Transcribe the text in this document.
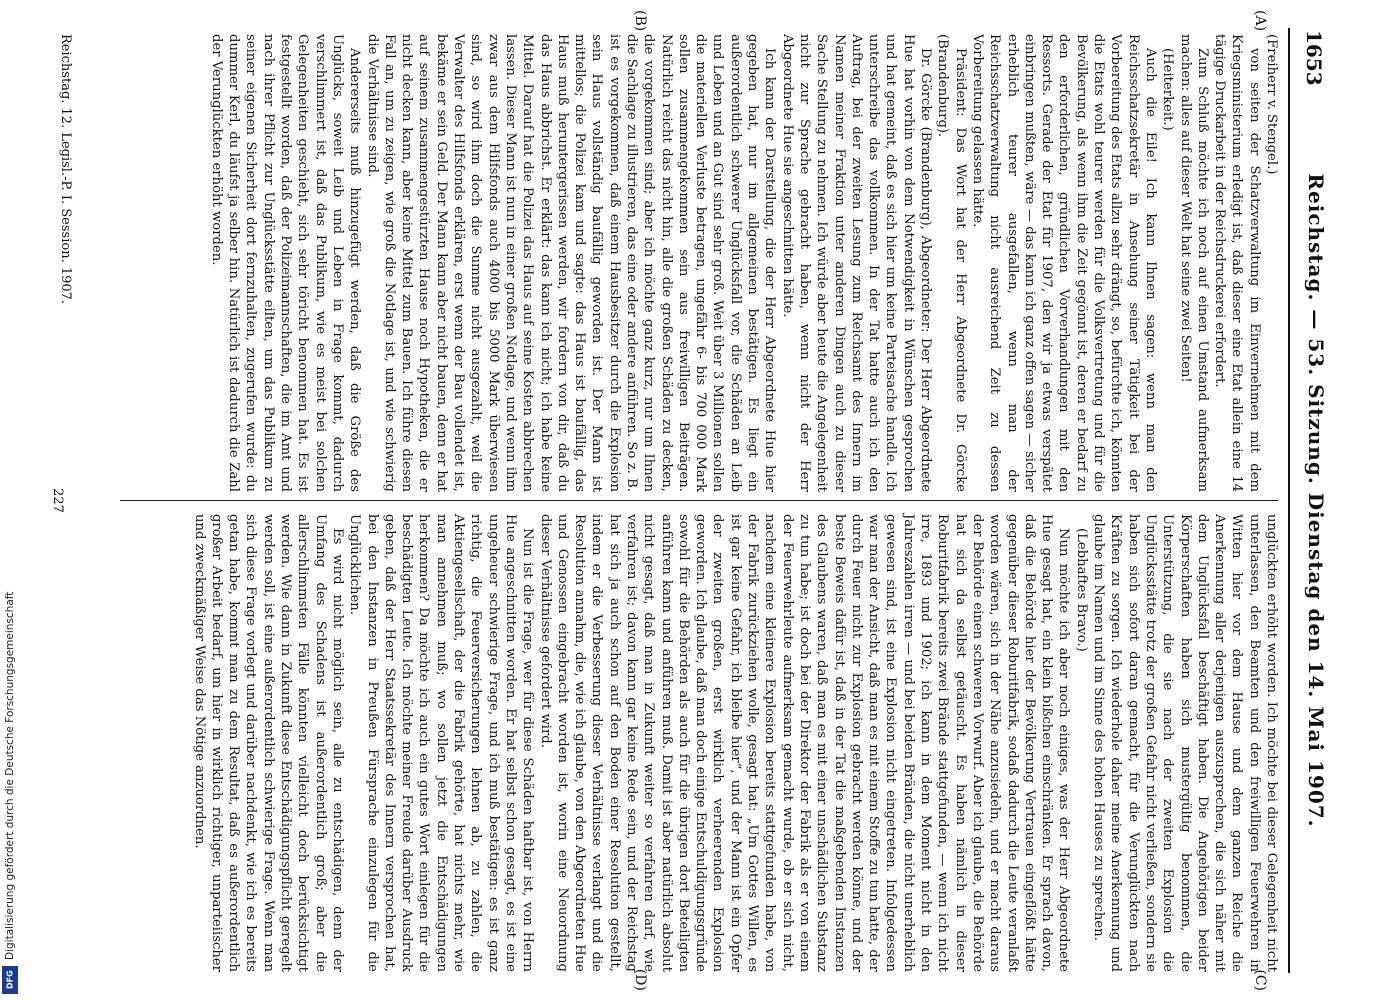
Digitalisierung gefördert durch die Deutsche Forschungsgemeinschaft
DFG
1653
Reichstag. — 53. Sitzung. Dienstag den 14. Mai 1907.
(A)
(B)
(C)
(D)

(Freiherr v. Stengel.)

von seiten der Schatzverwaltung im Einvernehmen mit dem Kriegsministerium erledigt ist, daß dieser eine Etat allein eine 14 tägige Druckarbeit in der Reichsdruckerei erfordert.

Zum Schluß möchte ich noch auf einen Umstand aufmerksam machen: alles auf dieser Welt hat seine zwei Seiten!

(Heiterkeit.)

Auch die Eile! Ich kann Ihnen sagen: wenn man den Reichsschatzsekretär in Ansehung seiner Tätigkeit bei der Vorbereitung des Etats allzu sehr drängt, so, befürchte ich, könnten die Etats wohl teurer werden für die Volksvertretung und für die Bevölkerung, als wenn ihm die Zeit gegönnt ist, deren er bedarf zu den erforderlichen, gründlichen Vorverhandlungen mit den Ressorts. Gerade der Etat für 1907, den wir ja etwas verspätet einbringen mußten, wäre — das kann ich ganz offen sagen — sicher erheblich teurer ausgefallen, wenn man der Reichsschatzverwaltung nicht ausreichend Zeit zu dessen Vorbereitung gelassen hätte.

Präsident: Das Wort hat der Herr Abgeordnete Dr. Görcke (Brandenburg).

Dr. Görcke (Brandenburg), Abgeordneter: Der Herr Abgeordnete Hue hat vorhin von dem Notwendigkeit in Wünschen gesprochen und hat gemeint, daß es sich hier um keine Parteisache handle. Ich unterschreibe das vollkommen. In der Tat hatte auch ich den Auftrag, bei der zweiten Lesung zum Reichsamt des Innern im Namen meiner Fraktion unter anderen Dingen auch zu dieser Sache Stellung zu nehmen. Ich würde aber heute die Angelegenheit nicht zur Sprache gebracht haben, wenn nicht der Herr Abgeordnete Hue sie angeschnitten hätte.

Ich kann der Darstellung, die der Herr Abgeordnete Hue hier gegeben hat, nur im allgemeinen bestätigen. Es liegt ein außerordentlich schwerer Unglücksfall vor, die Schäden an Leib und Leben und an Gut sind sehr groß. Weit über 3 Millionen sollen die materiellen Verluste betragen, ungefähr 6- bis 700 000 Mark sollen zusammengekommen sein aus freiwilligen Beiträgen. Natürlich reicht das nicht hin, alle die großen Schäden zu decken, die vorgekommen sind; aber ich möchte ganz kurz, nur um Ihnen die Sachlage zu illustrieren, das eine oder andere anführen. So z. B. ist es vorgekommen, daß einem Hausbesitzer durch die Explosion sein Haus vollständig baufällig geworden ist. Der Mann ist mittellos; die Polizei kam und sagte: das Haus ist baufällig, das Haus muß heruntergerissen werden, wir fordern von dir, daß du das Haus abbrichst. Er erklärt: das kann ich nicht; ich habe keine Mittel. Darauf hat die Polizei das Haus auf seine Kosten abbrechen lassen. Dieser Mann ist nun in einer großen Notlage, und wenn ihm zwar aus dem Hilfsfonds auch 4000 bis 5000 Mark überwiesen sind, so wird ihm doch die Summe nicht ausgezahlt, weil die Verwalter des Hilfsfonds erklären, erst wenn der Bau vollendet ist, bekäme er sein Geld. Der Mann kann aber nicht bauen, denn er hat auf seinem zusammengestürzten Hause noch Hypotheken, die er nicht decken kann, aber keine Mittel zum Bauen. Ich führe diesen Fall an, um zu zeigen, wie groß die Notlage ist, und wie schwierig die Verhältnisse sind.

Andererseits muß hinzugefügt werden, daß die Größe des Unglücks, soweit Leib und Leben in Frage kommt, dadurch verschlimmert ist, daß das Publikum, wie es meist bei solchen Gelegenheiten geschieht, sich sehr töricht benommen hat. Es ist festgestellt worden, daß der Polizeimannschaften, die im Amt und nach ihrer Pflicht zur Unglücksstätte eilten, um das Publikum zu seiner eigenen Sicherheit dort fernzuhalten, zugerufen wurde: du dummer Kerl, du läufst ja selber hin. Natürlich ist dadurch die Zahl der Verunglückten erhöht worden.

unglückten erhöht worden. Ich möchte bei dieser Gelegenheit nicht unterlassen, den Beamten und den freiwilligen Feuerwehren in Witten hier vor dem Hause und dem ganzen Reiche die Anerkennung aller derjenigen auszusprechen, die sich näher mit dem Unglücksfall beschäftigt haben. Die Angehörigen beider Körperschaften haben sich mustergültig benommen, die Unterstützung, die sie nach der zweiten Explosion die Unglücksstätte trotz der großen Gefahr nicht verließen, sondern sie haben sich sofort daran gemacht, für die Verunglückten nach Kräften zu sorgen. Ich wiederhole daher meine Anerkennung und glaube im Namen und im Sinne des hohen Hauses zu sprechen.

(Lebhaftes Bravo.)

Nun möchte ich aber noch einiges, was der Herr Abgeordnete Hue gesagt hat, ein klein bißchen einschränken. Er sprach davon, daß die Behörde hier der Bevölkerung Vertrauen eingeflößt hätte gegenüber dieser Roburitfabrik, sodaß dadurch die Leute veranlaßt worden wären, sich in der Nähe anzusiedeln, und er macht daraus der Behörde einen schweren Vorwurf. Aber ich glaube, die Behörde hat sich da selbst getäuscht. Es haben nämlich in dieser Roburitfabrik bereits zwei Brände stattgefunden, — wenn ich nicht irre, 1893 und 1902; ich kann in dem Moment nicht in den Jahreszahlen irren — und bei beiden Bränden, die nicht unerheblich gewesen sind, ist eine Explosion nicht eingetreten. Infolgedessen war man der Ansicht, daß man es mit einem Stoffe zu tun hatte, der durch Feuer nicht zur Explosion gebracht werden könne, und der beste Beweis dafür ist, daß in der Tat die maßgebenden Instanzen des Glaubens waren, daß man es mit einer unschädlichen Substanz zu tun habe; ist doch bei der Direktor der Fabrik als er von einem der Feuerwehrleute aufmerksam gemacht wurde, ob er sich nicht, nachdem eine kleinere Explosion bereits stattgefunden habe, von der Fabrik zurückziehen wolle, gesagt hat: „Um Gottes Willen, es ist gar keine Gefahr, ich bleibe hier“, und der Mann ist ein Opfer der zweiten großen, erst wirklich verheerenden Explosion geworden. Ich glaube, daß man doch einige Entschuldigungsgründe sowohl für die Behörden als auch für die übrigen dort Beteiligten anführen kann und anführen muß. Damit ist aber natürlich absolut nicht gesagt, daß man in Zukunft weiter so verfahren darf, wie verfahren ist; davon kann gar keine Rede sein, und der Reichstag hat sich ja auch schon auf den Boden einer Resolution gestellt, indem er die Verbesserung dieser Verhältnisse verlangt und die Resolution annahm, die, wie ich glaube, von den Abgeordneten Hue und Genossen eingebracht worden ist, worin eine Neuordnung dieser Verhältnisse gefordert wird.

Nun ist die Frage, wer für diese Schäden haftbar ist, von Herrn Hue angeschnitten worden. Er hat selbst schon gesagt, es ist eine ungeheuer schwierige Frage, und ich muß bestätigen: es ist ganz richtig, die Feuerversicherungen lehnen ab, zu zahlen, die Aktiengesellschaft, der die Fabrik gehörte, hat nichts mehr, wie man annehmen muß; wo sollen jetzt die Entschädigungen herkommen? Da möchte ich auch ein gutes Wort einlegen für die beschädigten Leute. Ich möchte meiner Freude darüber Ausdruck geben, daß der Herr Staatssekretär des Innern versprochen hat, bei den Instanzen in Preußen Fürsprache einzulegen für die Unglücklichen.

Es wird nicht möglich sein, alle zu entschädigen, denn der Umfang des Schadens ist außerordentlich groß; aber die allerschlimmsten Fälle könnten vielleicht doch berücksichtigt werden. Wie dann in Zukunft diese Entschädigungspflicht geregelt werden soll, ist eine außerordentlich schwierige Frage. Wenn man sich diese Frage vorlegt und darüber nachdenkt, wie ich es bereits getan habe, kommt man zu dem Resultat, daß es außerordentlich großer Arbeit bedarf, um hier in wirklich richtiger, unparteiischer und zweckmäßiger Weise das Nötige anzuordnen.

Reichstag. 12. Legisl.-P. I. Session. 1907.
227
